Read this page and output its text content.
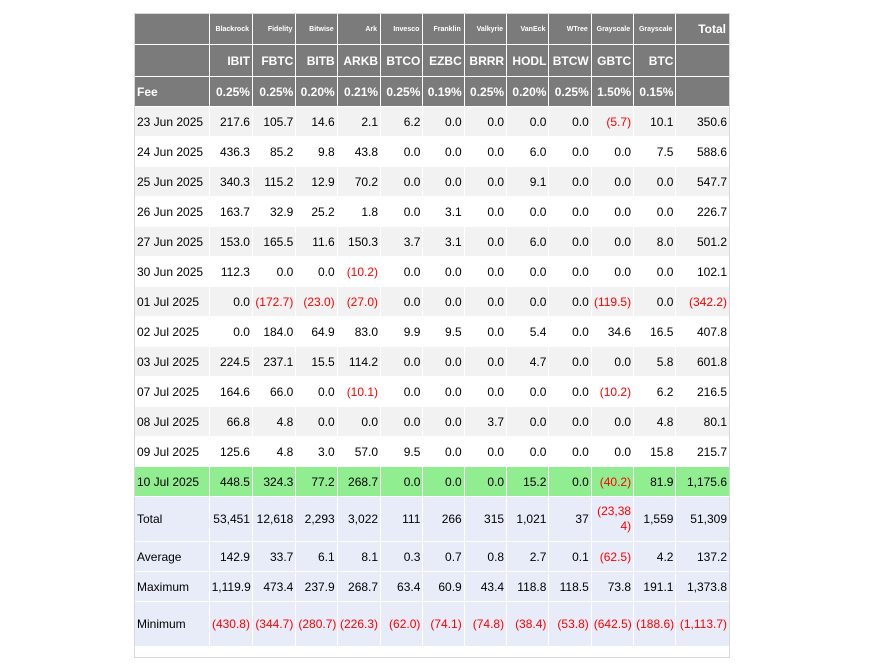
	Blackrock	Fidelity	Bitwise	Ark	Invesco	Franklin	Valkyrie	VanEck	WTree	Grayscale	Grayscale	Total
	IBIT	FBTC	BITB	ARKB	BTCO	EZBC	BRRR	HODL	BTCW	GBTC	BTC	
Fee	0.25%	0.25%	0.20%	0.21%	0.25%	0.19%	0.25%	0.20%	0.25%	1.50%	0.15%	
23 Jun 2025	217.6	105.7	14.6	2.1	6.2	0.0	0.0	0.0	0.0	(5.7)	10.1	350.6
24 Jun 2025	436.3	85.2	9.8	43.8	0.0	0.0	0.0	6.0	0.0	0.0	7.5	588.6
25 Jun 2025	340.3	115.2	12.9	70.2	0.0	0.0	0.0	9.1	0.0	0.0	0.0	547.7
26 Jun 2025	163.7	32.9	25.2	1.8	0.0	3.1	0.0	0.0	0.0	0.0	0.0	226.7
27 Jun 2025	153.0	165.5	11.6	150.3	3.7	3.1	0.0	6.0	0.0	0.0	8.0	501.2
30 Jun 2025	112.3	0.0	0.0	(10.2)	0.0	0.0	0.0	0.0	0.0	0.0	0.0	102.1
01 Jul 2025	0.0	(172.7)	(23.0)	(27.0)	0.0	0.0	0.0	0.0	0.0	(119.5)	0.0	(342.2)
02 Jul 2025	0.0	184.0	64.9	83.0	9.9	9.5	0.0	5.4	0.0	34.6	16.5	407.8
03 Jul 2025	224.5	237.1	15.5	114.2	0.0	0.0	0.0	4.7	0.0	0.0	5.8	601.8
07 Jul 2025	164.6	66.0	0.0	(10.1)	0.0	0.0	0.0	0.0	0.0	(10.2)	6.2	216.5
08 Jul 2025	66.8	4.8	0.0	0.0	0.0	0.0	3.7	0.0	0.0	0.0	4.8	80.1
09 Jul 2025	125.6	4.8	3.0	57.0	9.5	0.0	0.0	0.0	0.0	0.0	15.8	215.7
10 Jul 2025	448.5	324.3	77.2	268.7	0.0	0.0	0.0	15.2	0.0	(40.2)	81.9	1,175.6
Total	53,451	12,618	2,293	3,022	111	266	315	1,021	37	(23,384)	1,559	51,309
Average	142.9	33.7	6.1	8.1	0.3	0.7	0.8	2.7	0.1	(62.5)	4.2	137.2
Maximum	1,119.9	473.4	237.9	268.7	63.4	60.9	43.4	118.8	118.5	73.8	191.1	1,373.8
Minimum	(430.8)	(344.7)	(280.7)	(226.3)	(62.0)	(74.1)	(74.8)	(38.4)	(53.8)	(642.5)	(188.6)	(1,113.7)
